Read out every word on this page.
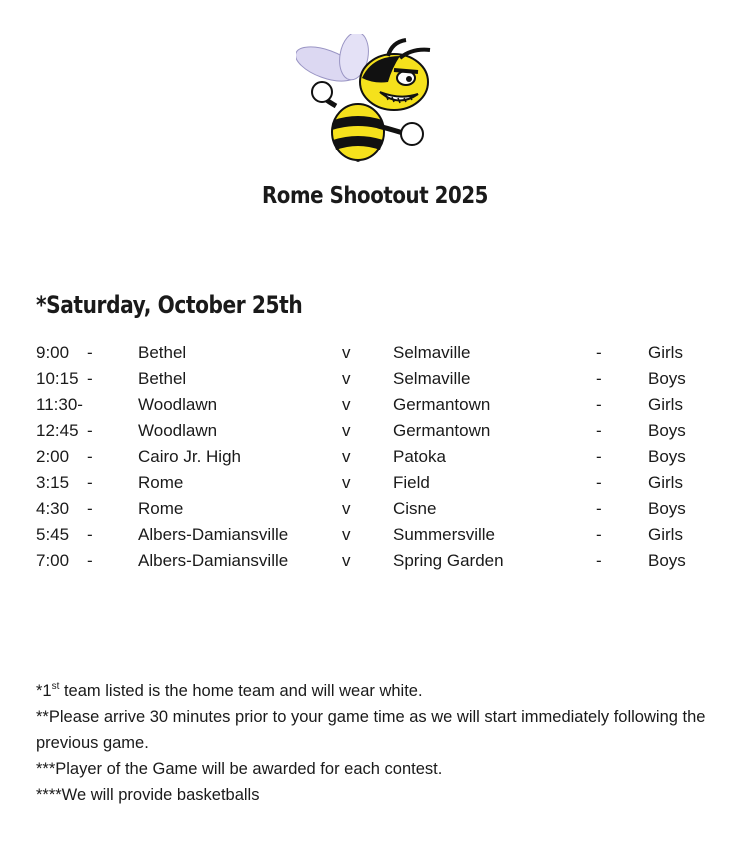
Rome Shootout 2025
*Saturday, October 25th
9:00 -	Bethel	v	Selmaville	-	Girls
10:15 -	Bethel	v	Selmaville	-	Boys
11:30-	Woodlawn	v	Germantown	-	Girls
12:45 -	Woodlawn	v	Germantown	-	Boys
2:00 -	Cairo Jr. High	v	Patoka	-	Boys
3:15 -	Rome	v	Field	-	Girls
4:30 -	Rome	v	Cisne	-	Boys
5:45 -	Albers-Damiansville	v	Summersville	-	Girls
7:00 -	Albers-Damiansville	v	Spring Garden	-	Boys

*1st team listed is the home team and will wear white.

**Please arrive 30 minutes prior to your game time as we will start immediately following the previous game.

***Player of the Game will be awarded for each contest.

****We will provide basketballs
